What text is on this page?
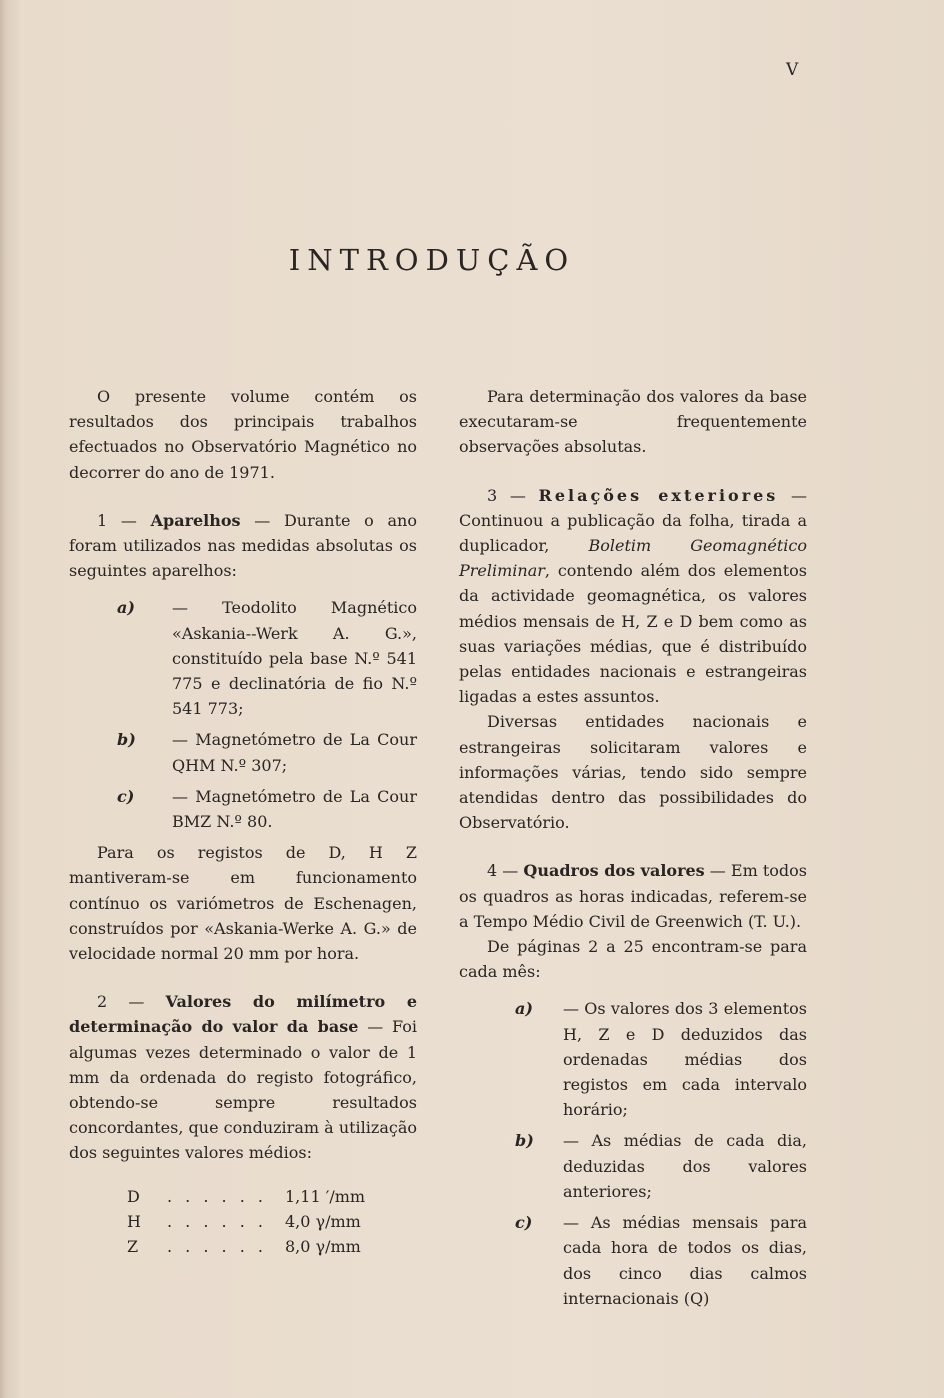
V
INTRODUÇÃO

O presente volume contém os resultados dos principais trabalhos efectuados no Observatório Magnético no decorrer do ano de 1971.

1 — Aparelhos — Durante o ano foram utilizados nas medidas absolutas os seguintes aparelhos:

a) — Teodolito Magnético «Askania--Werk A. G.», constituído pela base N.º 541 775 e declinatória de fio N.º 541 773;
b) — Magnetómetro de La Cour QHM N.º 307;
c) — Magnetómetro de La Cour BMZ N.º 80.

Para os registos de D, H Z mantiveram-se em funcionamento contínuo os variómetros de Eschenagen, construídos por «Askania-Werke A. G.» de velocidade normal 20 mm por hora.

2 — Valores do milímetro e determinação do valor da base — Foi algumas vezes determinado o valor de 1 mm da ordenada do registo fotográfico, obtendo-se sempre resultados concordantes, que conduziram à utilização dos seguintes valores médios:

D	. . . . . .	1,11 ′/mm
H	. . . . . .	4,0 γ/mm
Z	. . . . . .	8,0 γ/mm

Para determinação dos valores da base executaram-se frequentemente observações absolutas.

3 — Relações exteriores — Continuou a publicação da folha, tirada a duplicador, Boletim Geomagnético Preliminar, contendo além dos elementos da actividade geomagnética, os valores médios mensais de H, Z e D bem como as suas variações médias, que é distribuído pelas entidades nacionais e estrangeiras ligadas a estes assuntos.

Diversas entidades nacionais e estrangeiras solicitaram valores e informações várias, tendo sido sempre atendidas dentro das possibilidades do Observatório.

4 — Quadros dos valores — Em todos os quadros as horas indicadas, referem-se a Tempo Médio Civil de Greenwich (T. U.).

De páginas 2 a 25 encontram-se para cada mês:

a) — Os valores dos 3 elementos H, Z e D deduzidos das ordenadas médias dos registos em cada intervalo horário;
b) — As médias de cada dia, deduzidas dos valores anteriores;
c) — As médias mensais para cada hora de todos os dias, dos cinco dias calmos internacionais (Q)
